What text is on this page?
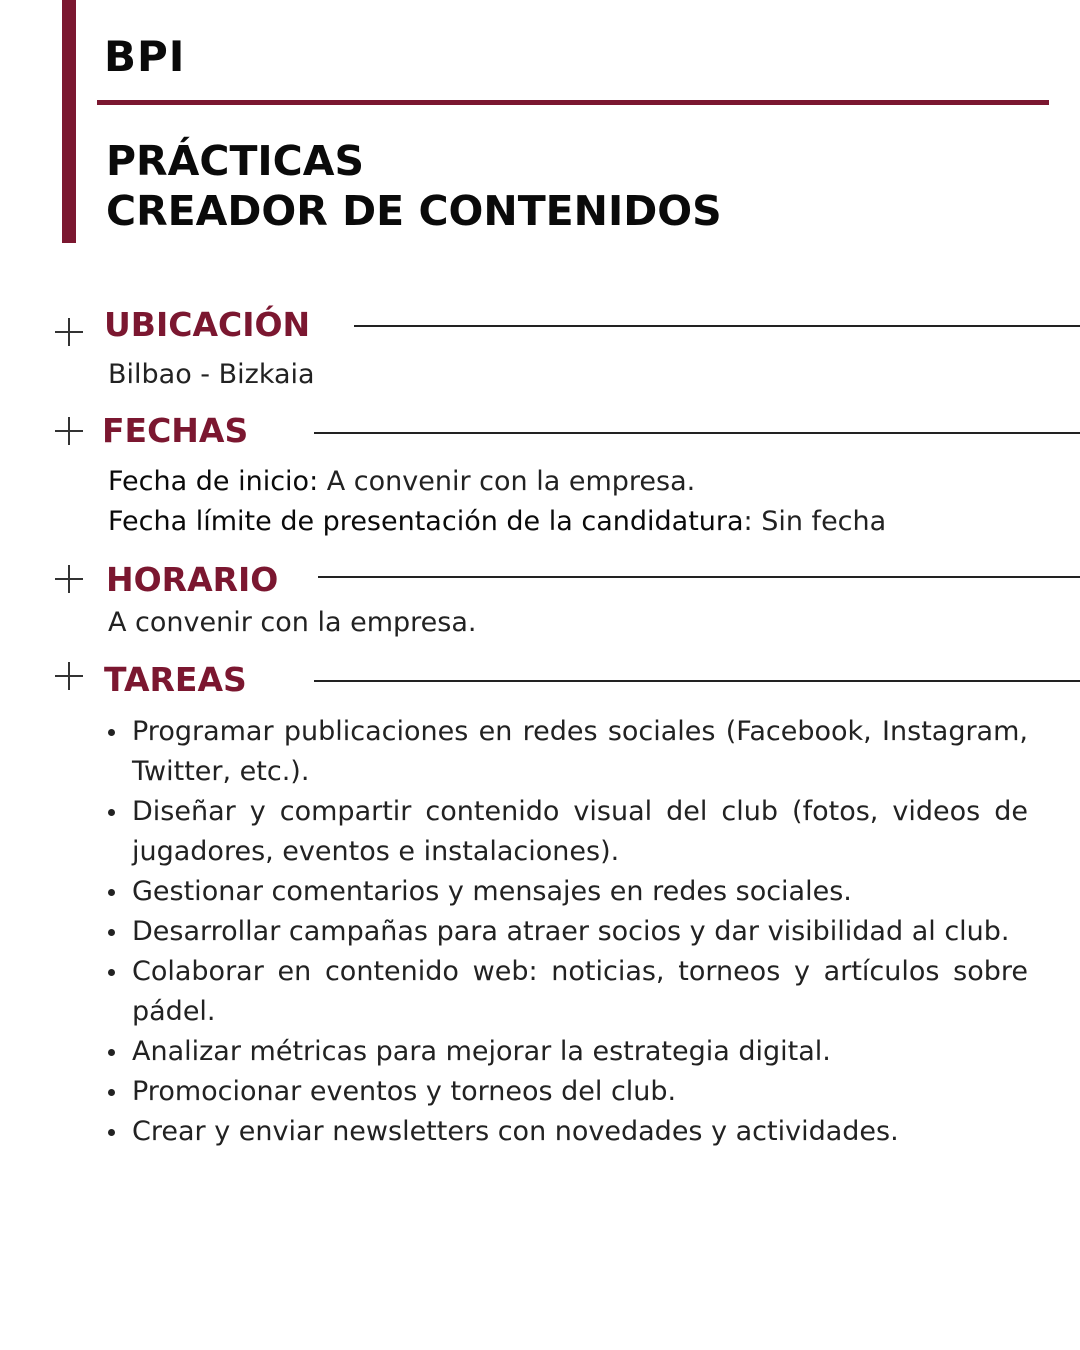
BPI
PRÁCTICAS
CREADOR DE CONTENIDOS
UBICACIÓN
Bilbao - Bizkaia
FECHAS
Fecha de inicio: A convenir con la empresa.
Fecha límite de presentación de la candidatura: Sin fecha
HORARIO
A convenir con la empresa.
TAREAS
Programar publicaciones en redes sociales (Facebook, Instagram, Twitter, etc.).
Diseñar y compartir contenido visual del club (fotos, videos de jugadores, eventos e instalaciones).
Gestionar comentarios y mensajes en redes sociales.
Desarrollar campañas para atraer socios y dar visibilidad al club.
Colaborar en contenido web: noticias, torneos y artículos sobre pádel.
Analizar métricas para mejorar la estrategia digital.
Promocionar eventos y torneos del club.
Crear y enviar newsletters con novedades y actividades.
